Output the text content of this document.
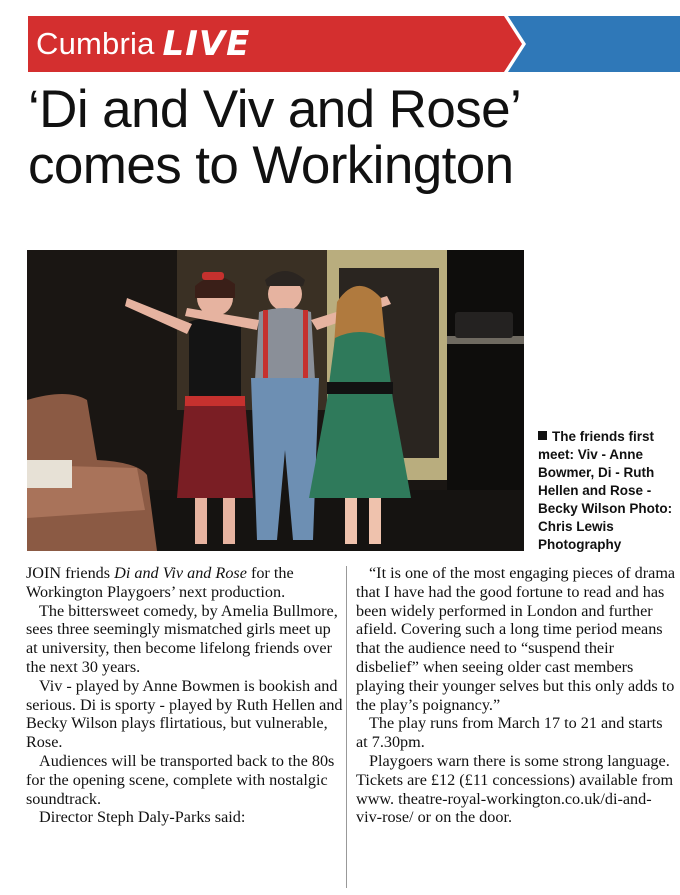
Cumbria LIVE
‘Di and Viv and Rose’
comes to Workington
The friends first meet: Viv - Anne Bowmer, Di - Ruth Hellen and Rose - Becky Wilson Photo: Chris Lewis Photography

JOIN friends Di and Viv and Rose for the Workington Playgoers’ next production.

The bittersweet comedy, by Amelia Bullmore, sees three seemingly mismatched girls meet up at university, then become lifelong friends over the next 30 years.

Viv - played by Anne Bowmen is bookish and serious. Di is sporty - played by Ruth Hellen and Becky Wilson plays flirtatious, but vulnerable, Rose.

Audiences will be transported back to the 80s for the opening scene, complete with nostalgic soundtrack.

Director Steph Daly-Parks said:

“It is one of the most engaging pieces of drama that I have had the good fortune to read and has been widely performed in London and further afield. Covering such a long time period means that the audience need to “suspend their disbelief” when seeing older cast members playing their younger selves but this only adds to the play’s poignancy.”

The play runs from March 17 to 21 and starts at 7.30pm.

Playgoers warn there is some strong language. Tickets are £12 (£11 concessions) available from www. theatre-royal-workington.co.uk/di-and-viv-rose/ or on the door.
